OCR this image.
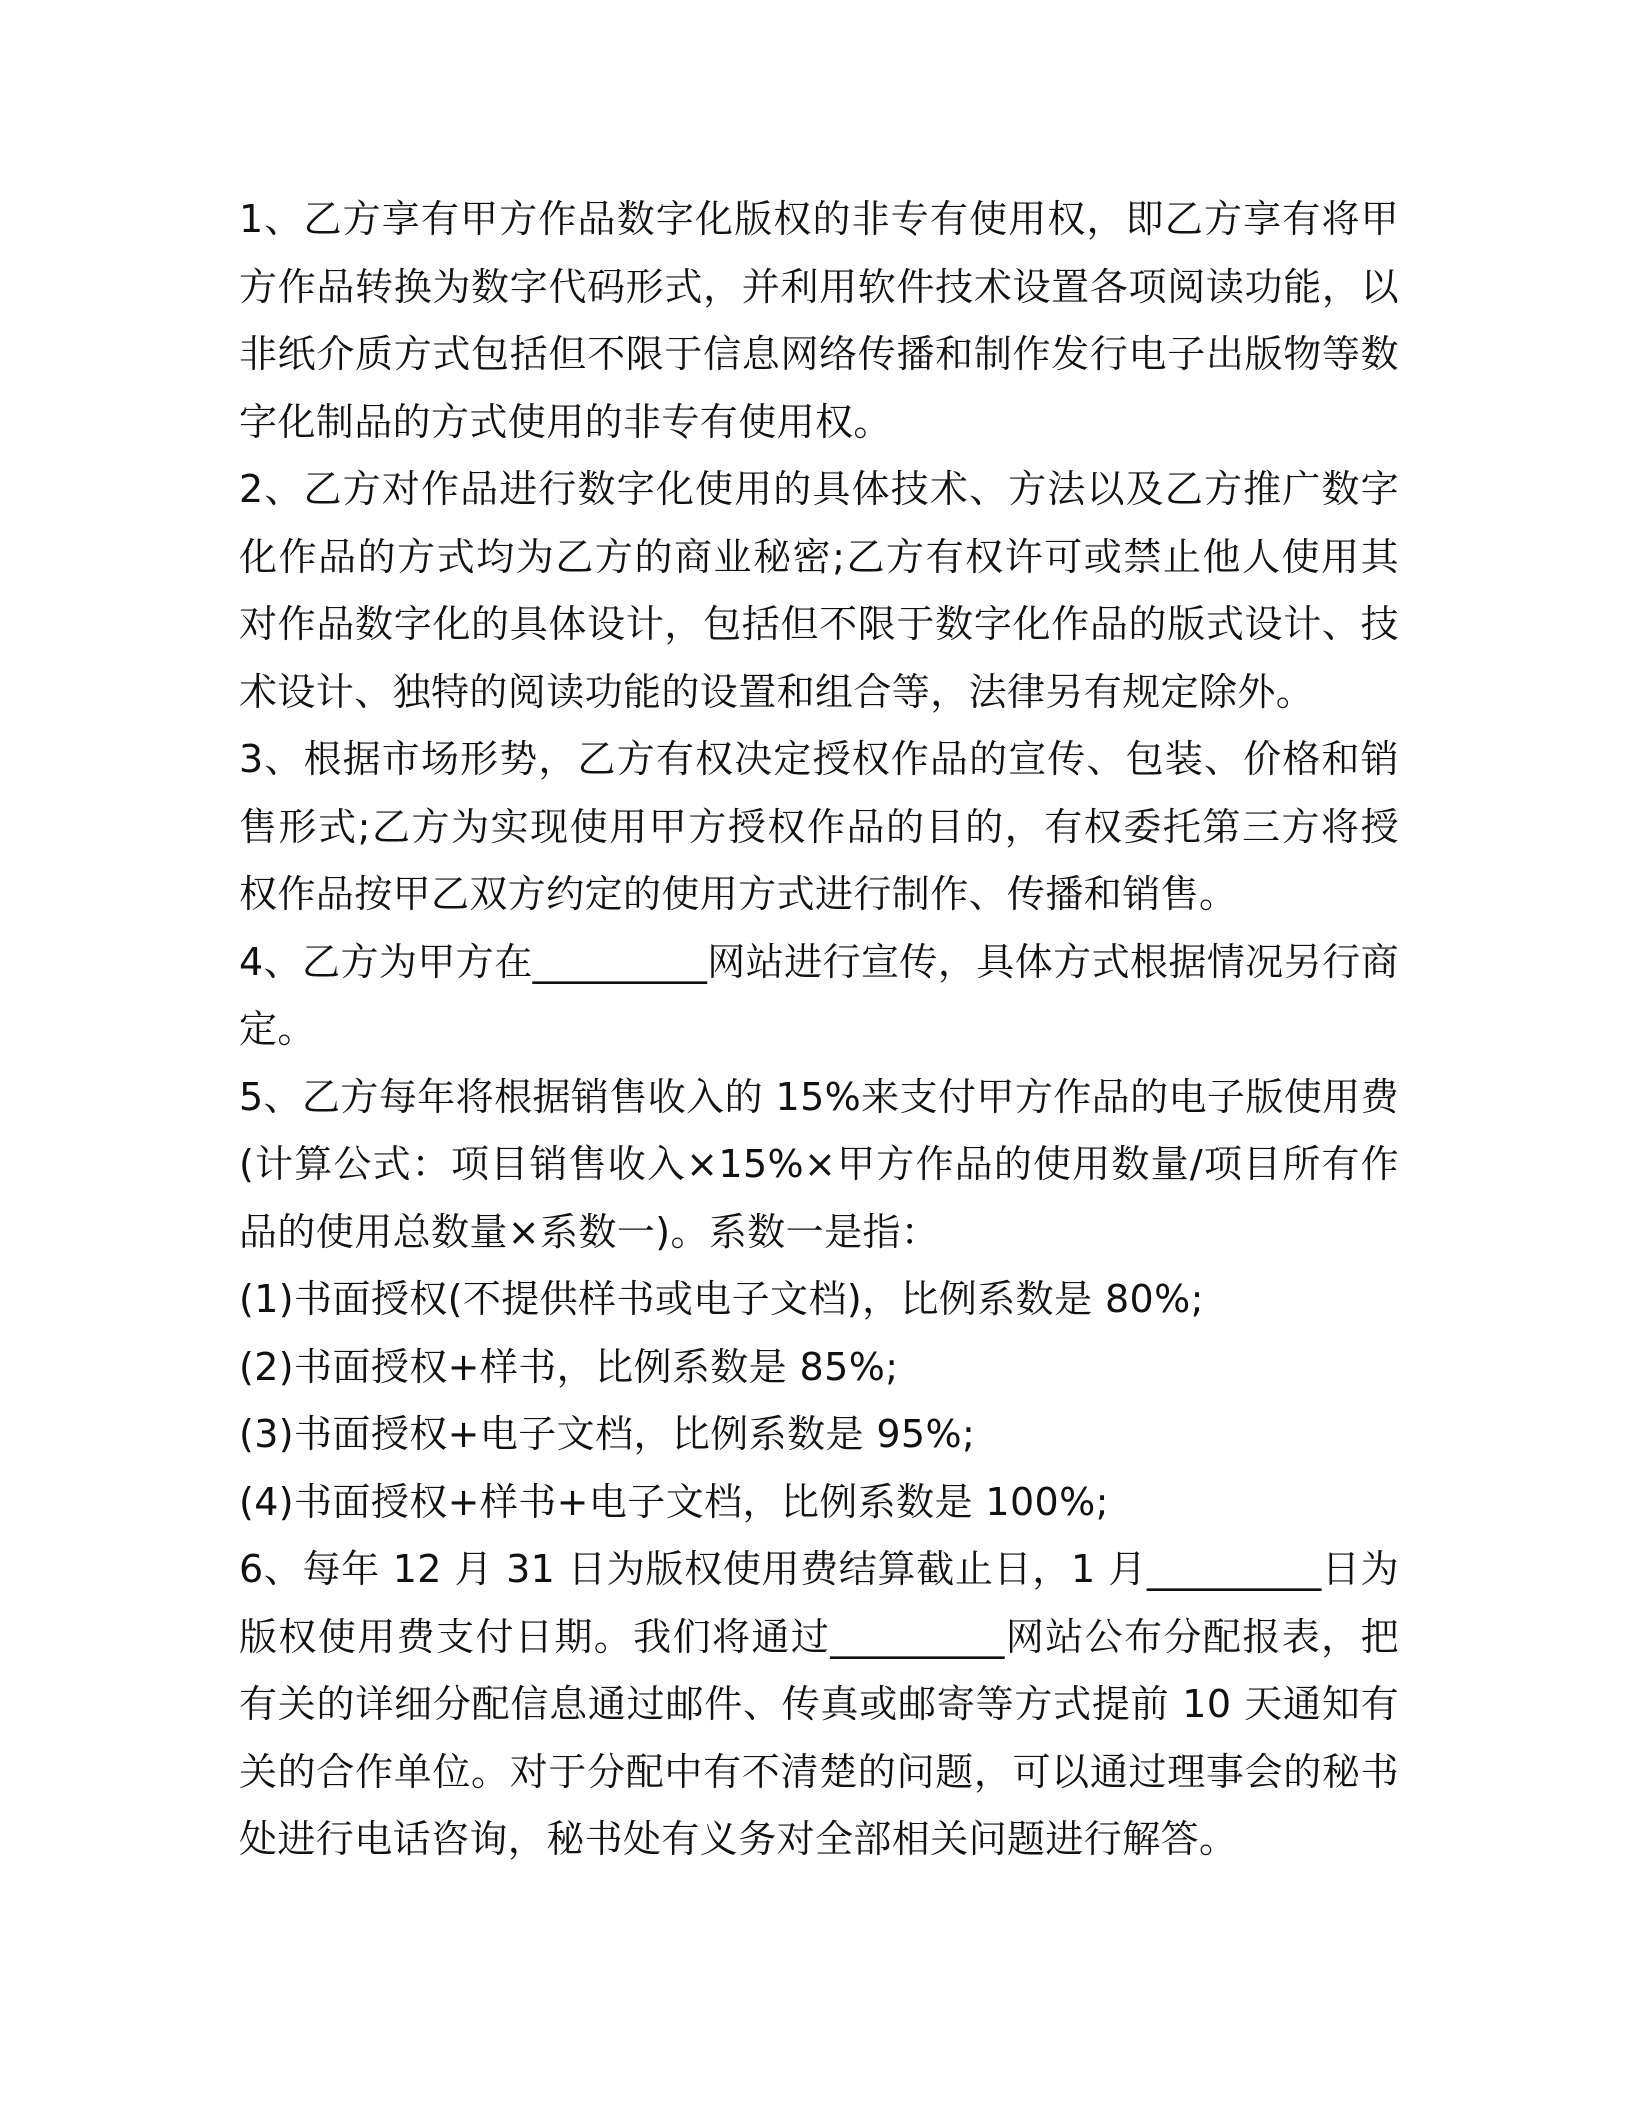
1、乙方享有甲方作品数字化版权的非专有使用权，即乙方享有将甲方作品转换为数字代码形式，并利用软件技术设置各项阅读功能，以非纸介质方式包括但不限于信息网络传播和制作发行电子出版物等数字化制品的方式使用的非专有使用权。

2、乙方对作品进行数字化使用的具体技术、方法以及乙方推广数字化作品的方式均为乙方的商业秘密;乙方有权许可或禁止他人使用其对作品数字化的具体设计，包括但不限于数字化作品的版式设计、技术设计、独特的阅读功能的设置和组合等，法律另有规定除外。

3、根据市场形势，乙方有权决定授权作品的宣传、包装、价格和销售形式;乙方为实现使用甲方授权作品的目的，有权委托第三方将授权作品按甲乙双方约定的使用方式进行制作、传播和销售。

4、乙方为甲方在_________网站进行宣传，具体方式根据情况另行商定。

5、乙方每年将根据销售收入的 15%来支付甲方作品的电子版使用费(计算公式：项目销售收入×15%×甲方作品的使用数量/项目所有作品的使用总数量×系数一)。系数一是指：

(1)书面授权(不提供样书或电子文档)，比例系数是 80%;

(2)书面授权+样书，比例系数是 85%;

(3)书面授权+电子文档，比例系数是 95%;

(4)书面授权+样书+电子文档，比例系数是 100%;

6、每年 12 月 31 日为版权使用费结算截止日，1 月_________日为版权使用费支付日期。我们将通过_________网站公布分配报表，把有关的详细分配信息通过邮件、传真或邮寄等方式提前 10 天通知有关的合作单位。对于分配中有不清楚的问题，可以通过理事会的秘书处进行电话咨询，秘书处有义务对全部相关问题进行解答。
